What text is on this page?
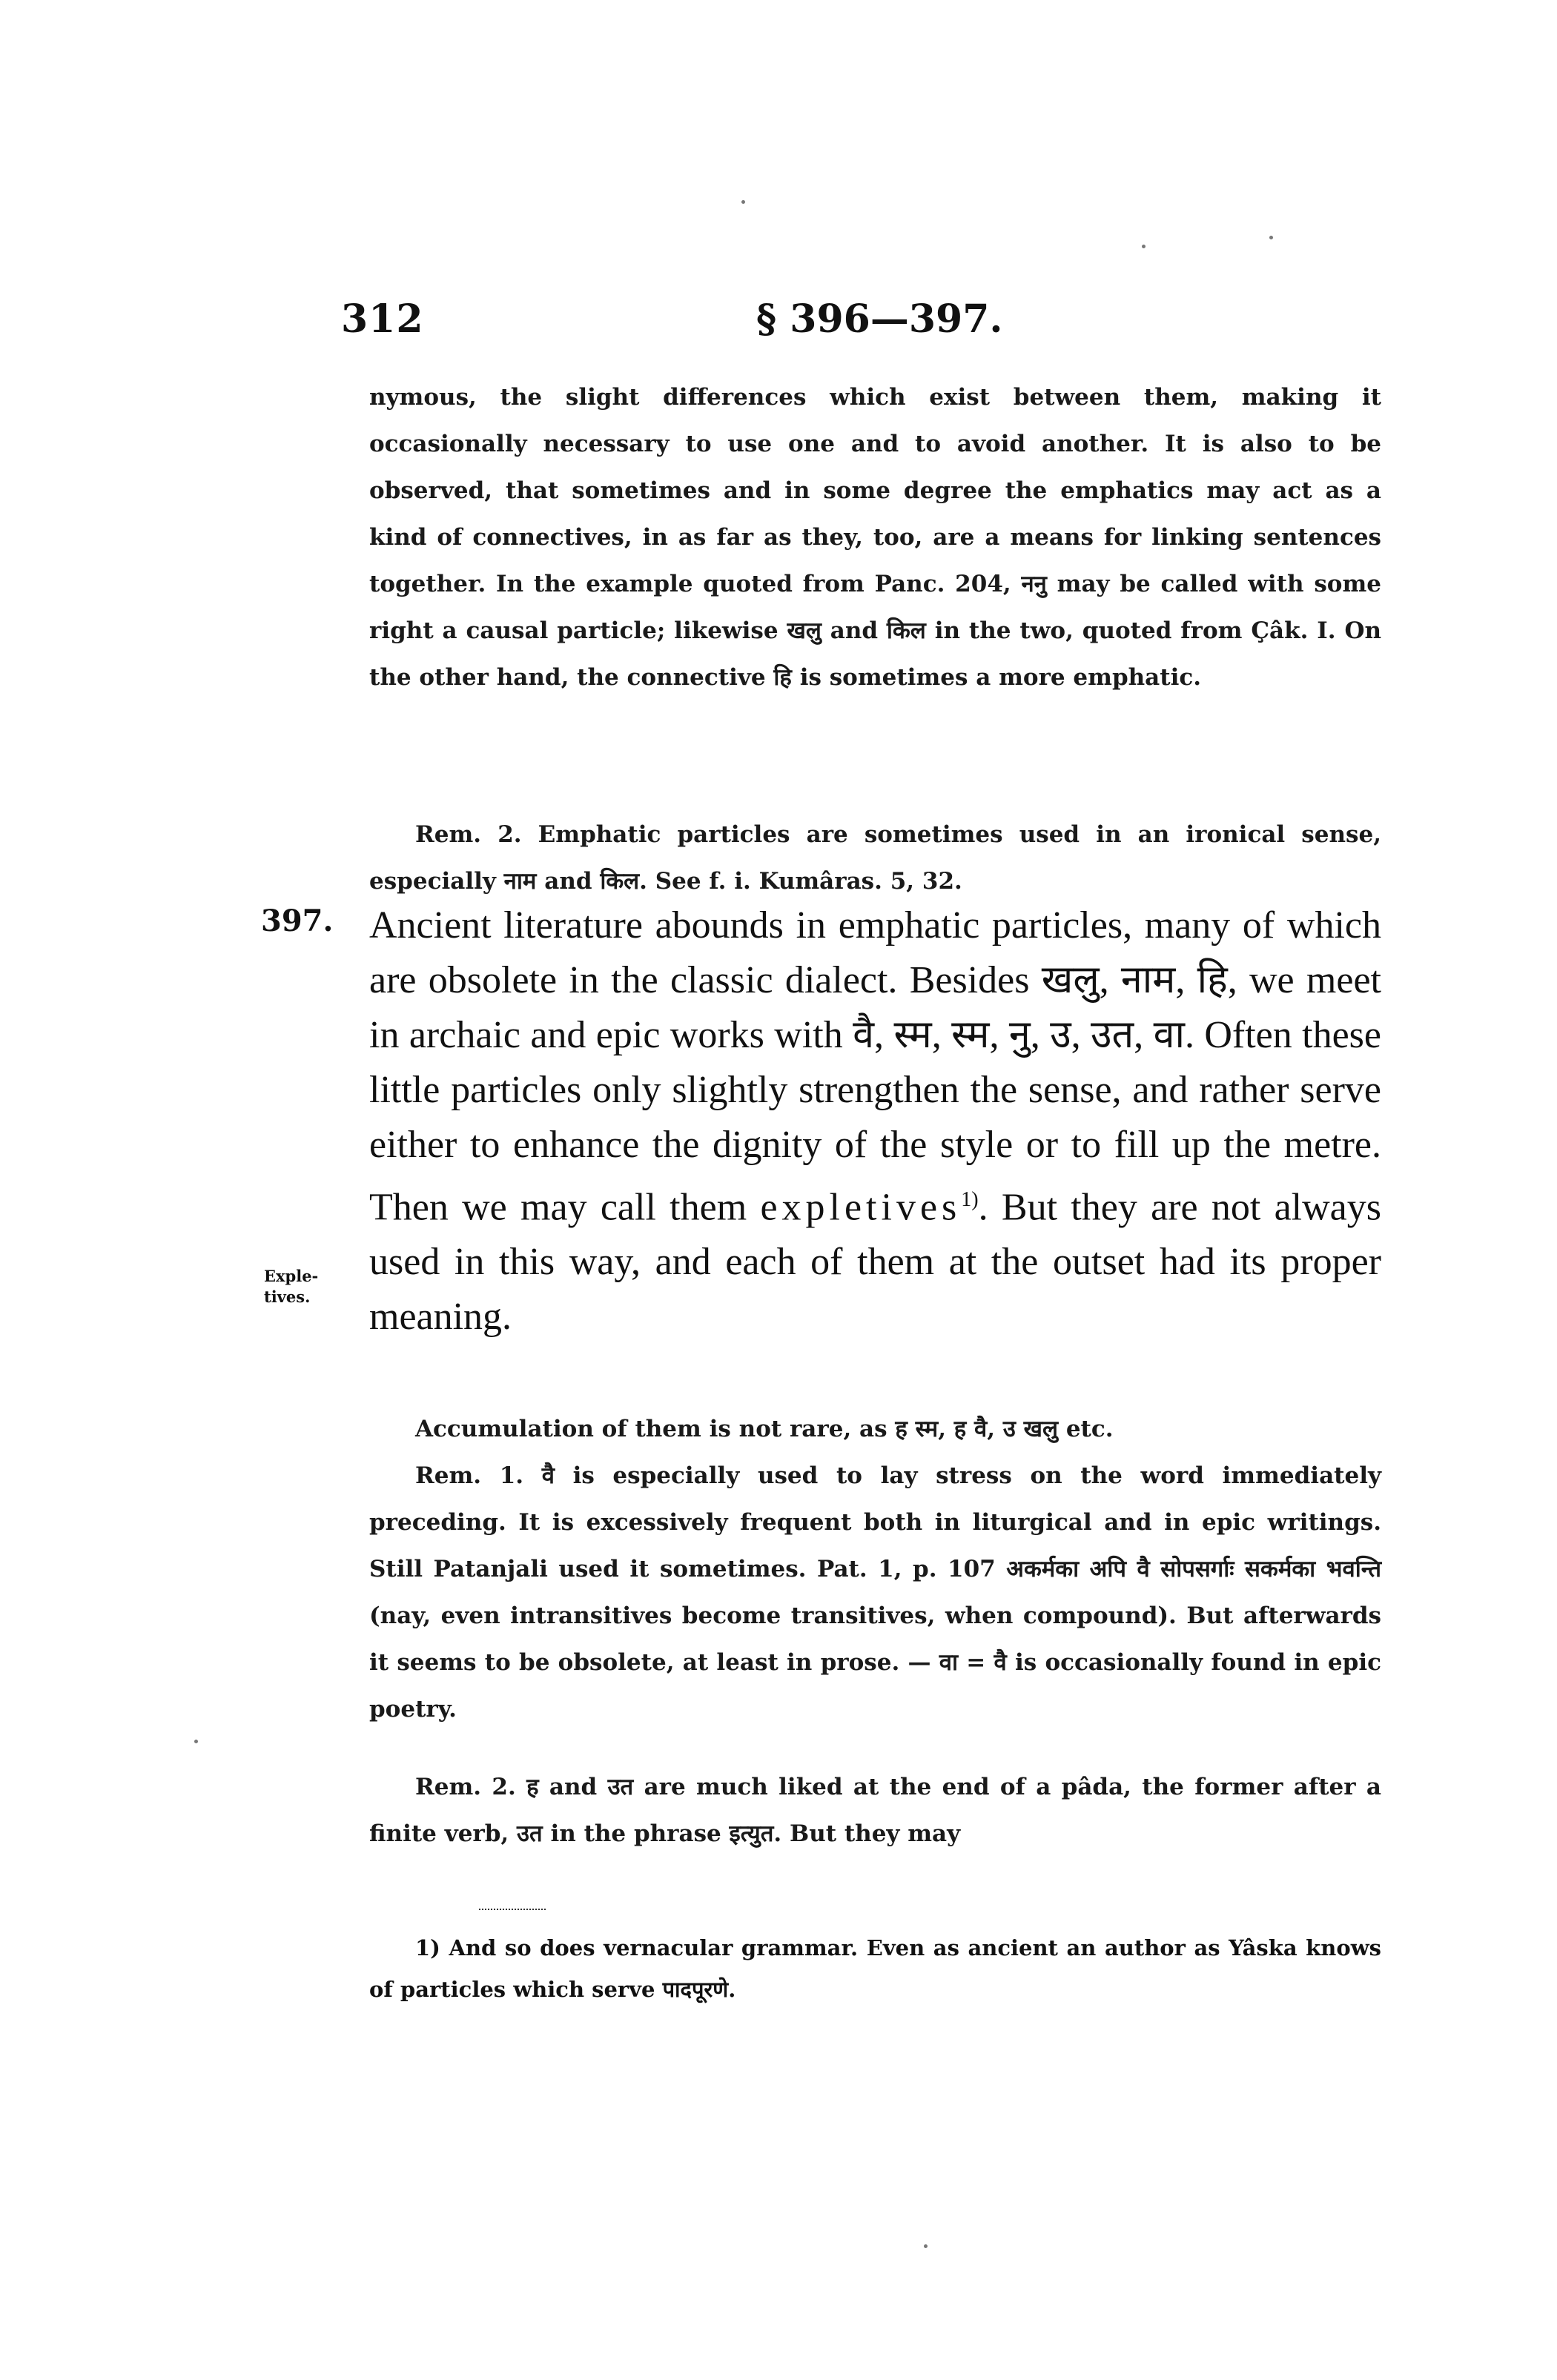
312	§ 396—397.

nymous, the slight differences which exist between them, making it occasionally necessary to use one and to avoid another. It is also to be observed, that sometimes and in some degree the emphatics may act as a kind of connectives, in as far as they, too, are a means for linking sentences together. In the example quoted from Panc. 204, ननु may be called with some right a causal particle; likewise खलु and किल in the two, quoted from Çâk. I. On the other hand, the connective हि is sometimes a more emphatic.

Rem. 2. Emphatic particles are sometimes used in an ironical sense, especially नाम and किल. See f. i. Kumâras. 5, 32.

397.
Exple-tives.

Ancient literature abounds in emphatic particles, many of which are obsolete in the classic dialect. Besides खलु, नाम, हि, we meet in archaic and epic works with वै, स्म, स्म, नु, उ, उत, वा. Often these little particles only slightly strengthen the sense, and rather serve either to enhance the dignity of the style or to fill up the metre. Then we may call them expletives$^{1)}$. But they are not always used in this way, and each of them at the outset had its proper meaning.

Accumulation of them is not rare, as ह स्म, ह वै, उ खलु etc.

Rem. 1. वै is especially used to lay stress on the word immediately preceding. It is excessively frequent both in liturgical and in epic writings. Still Patanjali used it sometimes. Pat. 1, p. 107 अकर्मका अपि वै सोपसर्गाः सकर्मका भवन्ति (nay, even intransitives become transitives, when compound). But afterwards it seems to be obsolete, at least in prose. — वा = वै is occasionally found in epic poetry.

Rem. 2. ह and उत are much liked at the end of a pâda, the former after a finite verb, उत in the phrase इत्युत. But they may

1) And so does vernacular grammar. Even as ancient an author as Yâska knows of particles which serve पादपूरणे.
